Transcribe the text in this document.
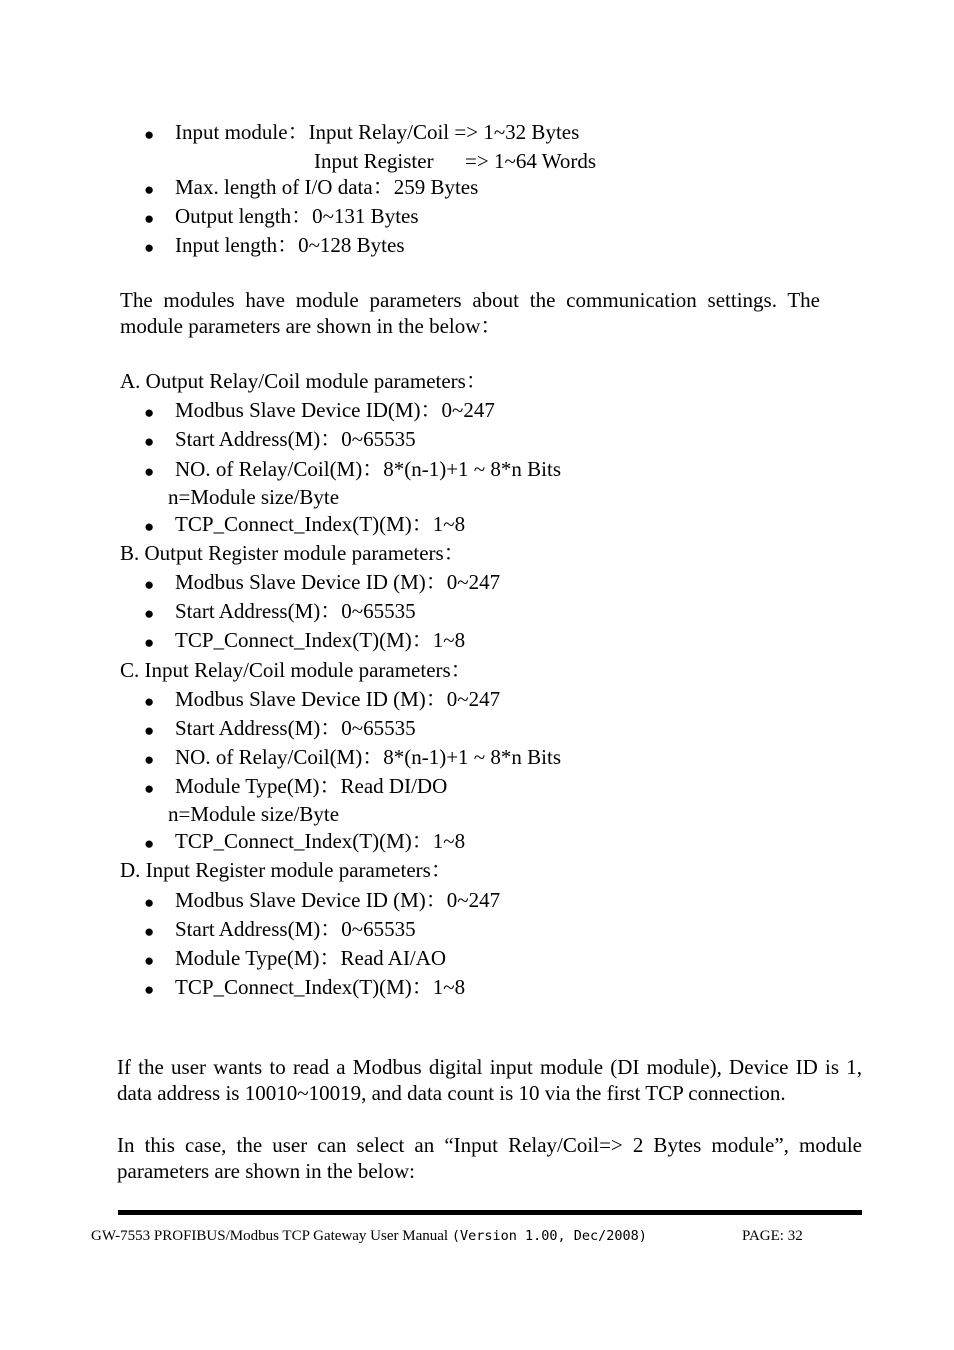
● Input module：Input Relay/Coil => 1~32 Bytes
Input Register      => 1~64 Words
● Max. length of I/O data：259 Bytes
● Output length：0~131 Bytes
● Input length：0~128 Bytes
The modules have module parameters about the communication settings. The module parameters are shown in the below：
A. Output Relay/Coil module parameters：
● Modbus Slave Device ID(M)：0~247
● Start Address(M)：0~65535
● NO. of Relay/Coil(M)：8*(n-1)+1 ~ 8*n Bits
n=Module size/Byte
● TCP_Connect_Index(T)(M)：1~8
B. Output Register module parameters：
● Modbus Slave Device ID (M)：0~247
● Start Address(M)：0~65535
● TCP_Connect_Index(T)(M)：1~8
C. Input Relay/Coil module parameters：
● Modbus Slave Device ID (M)：0~247
● Start Address(M)：0~65535
● NO. of Relay/Coil(M)：8*(n-1)+1 ~ 8*n Bits
● Module Type(M)：Read DI/DO
n=Module size/Byte
● TCP_Connect_Index(T)(M)：1~8
D. Input Register module parameters：
● Modbus Slave Device ID (M)：0~247
● Start Address(M)：0~65535
● Module Type(M)：Read AI/AO
● TCP_Connect_Index(T)(M)：1~8
If the user wants to read a Modbus digital input module (DI module), Device ID is 1, data address is 10010~10019, and data count is 10 via the first TCP connection.
In this case, the user can select an “Input Relay/Coil=> 2 Bytes module”, module parameters are shown in the below:
GW-7553 PROFIBUS/Modbus TCP Gateway User Manual (Version 1.00, Dec/2008)	PAGE: 32
